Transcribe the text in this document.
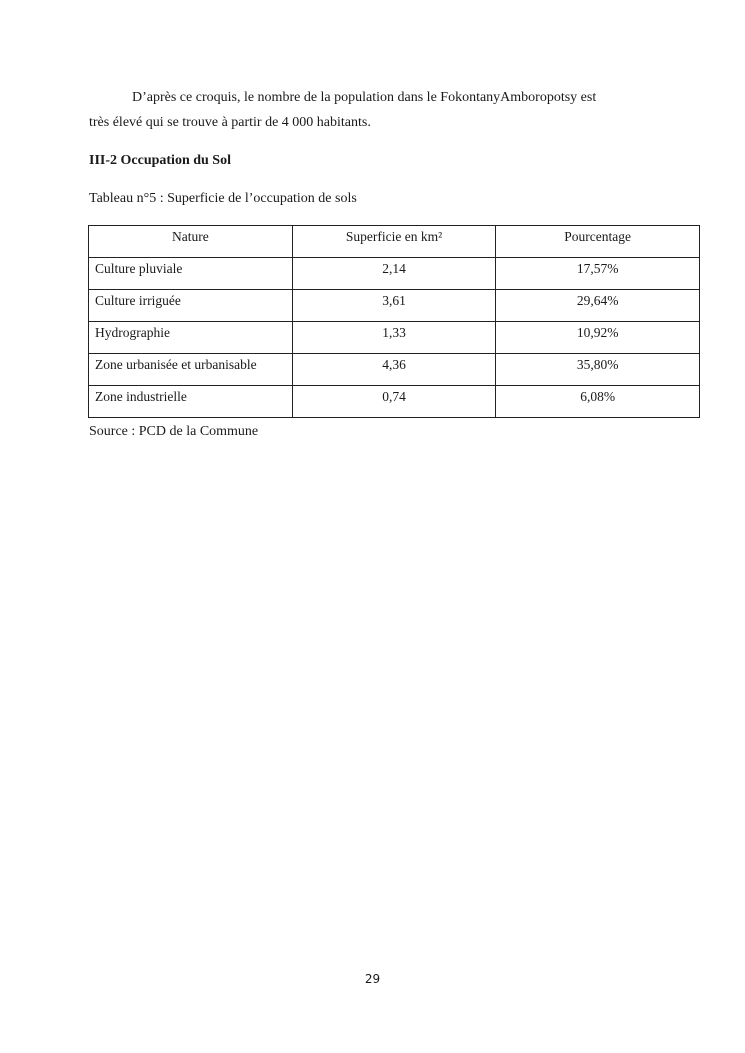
D’après ce croquis, le nombre de la population dans le FokontanyAmboropotsy est
très élevé qui se trouve à partir de 4 000 habitants.
III-2 Occupation du Sol
Tableau n°5 : Superficie de l’occupation de sols
Nature	Superficie en km²	Pourcentage
Culture pluviale	2,14	17,57%
Culture irriguée	3,61	29,64%
Hydrographie	1,33	10,92%
Zone urbanisée et urbanisable	4,36	35,80%
Zone industrielle	0,74	6,08%
Source : PCD de la Commune
29
